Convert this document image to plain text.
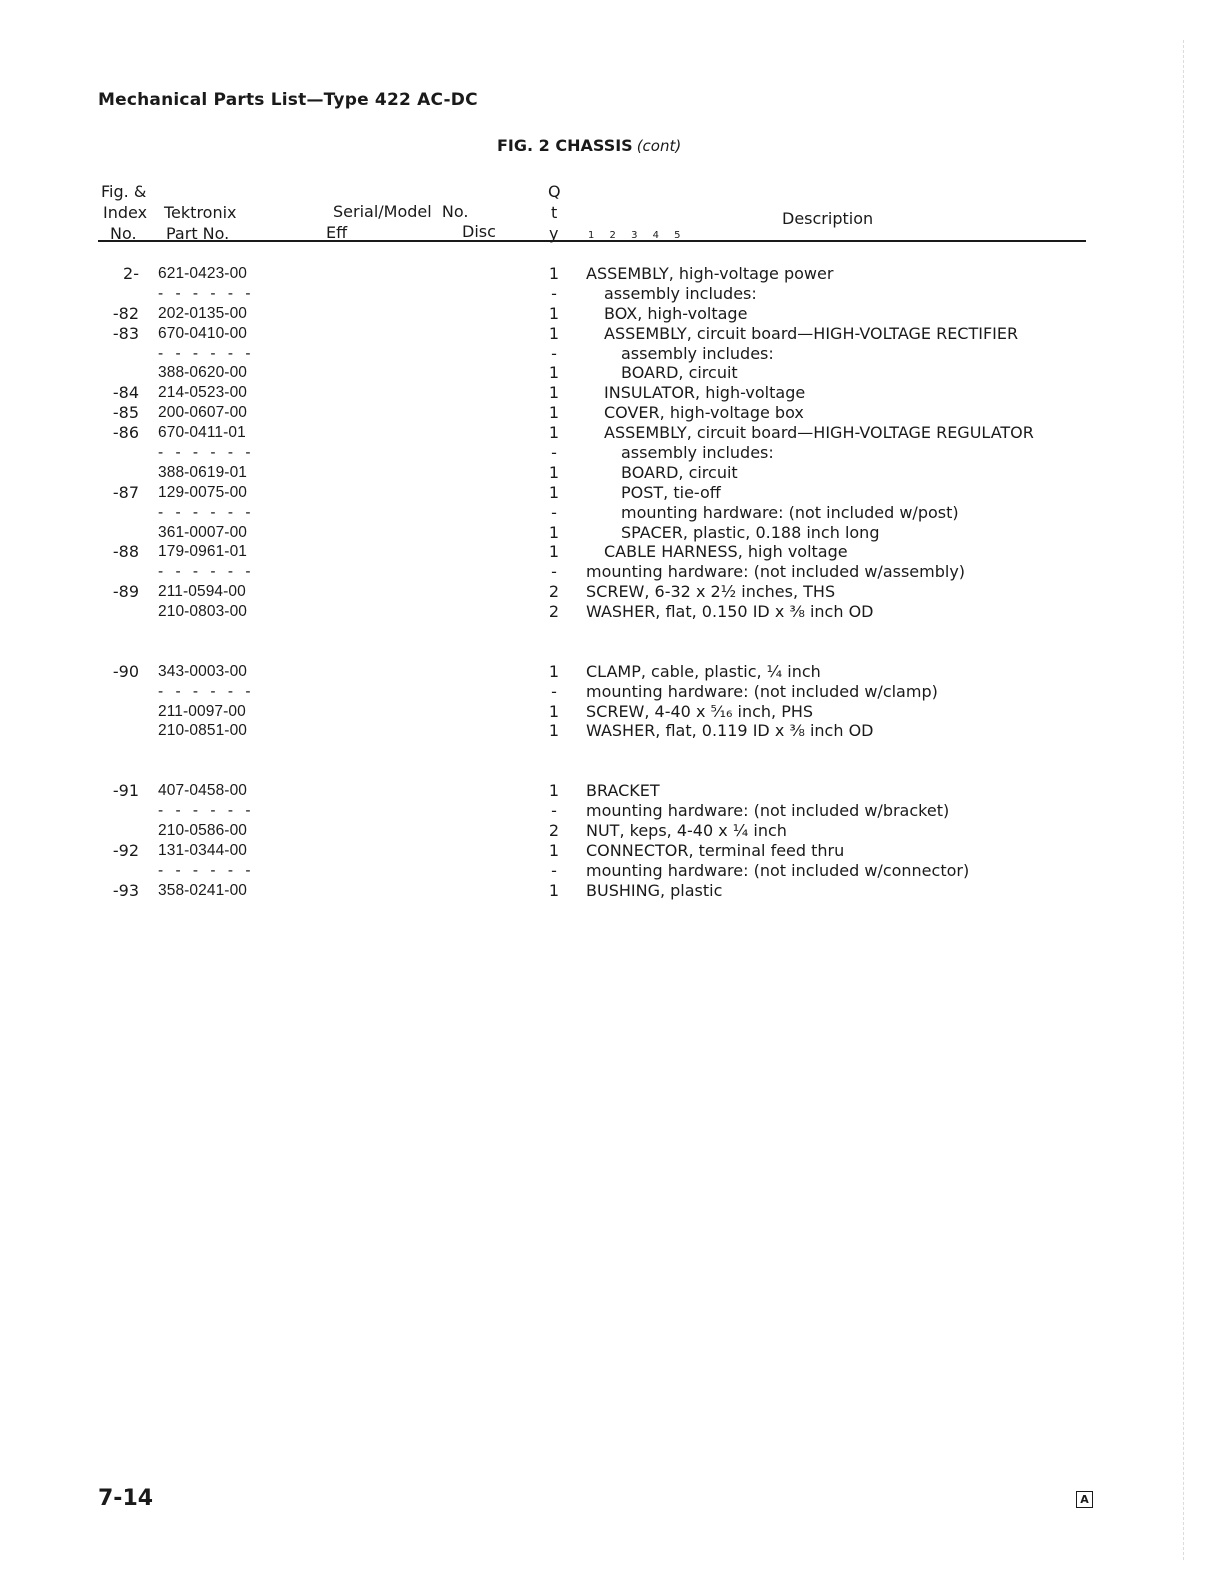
Mechanical Parts List—Type 422 AC-DC
FIG. 2 CHASSIS (cont)
Fig. &
Index
No.
Tektronix
Part No.
Serial/Model  No.
Eff	Disc
Q
t
y	1 2 3 4 5
Description
2- 621-0423-00	1 ASSEMBLY, high-voltage power
- - - - - -	-	assembly includes:
-82 202-0135-00	1	BOX, high-voltage
-83 670-0410-00	1	ASSEMBLY, circuit board—HIGH-VOLTAGE RECTIFIER
- - - - - -	-	assembly includes:
388-0620-00	1	BOARD, circuit
-84 214-0523-00	1	INSULATOR, high-voltage
-85 200-0607-00	1	COVER, high-voltage box
-86 670-0411-01	1	ASSEMBLY, circuit board—HIGH-VOLTAGE REGULATOR
- - - - - -	-	assembly includes:
388-0619-01	1	BOARD, circuit
-87 129-0075-00	1	POST, tie-off
- - - - - -	-	mounting hardware: (not included w/post)
361-0007-00	1	SPACER, plastic, 0.188 inch long
-88 179-0961-01	1	CABLE HARNESS, high voltage
- - - - - -	-	mounting hardware: (not included w/assembly)
-89 211-0594-00	2 SCREW, 6-32 x 2½ inches, THS
210-0803-00	2 WASHER, flat, 0.150 ID x ⅜ inch OD
-90 343-0003-00	1 CLAMP, cable, plastic, ¼ inch
- - - - - -	-	mounting hardware: (not included w/clamp)
211-0097-00	1 SCREW, 4-40 x ⁵⁄₁₆ inch, PHS
210-0851-00	1 WASHER, flat, 0.119 ID x ⅜ inch OD
-91 407-0458-00	1 BRACKET
- - - - - -	-	mounting hardware: (not included w/bracket)
210-0586-00	2 NUT, keps, 4-40 x ¼ inch
-92 131-0344-00	1 CONNECTOR, terminal feed thru
- - - - - -	-	mounting hardware: (not included w/connector)
-93 358-0241-00	1 BUSHING, plastic
7-14	A
